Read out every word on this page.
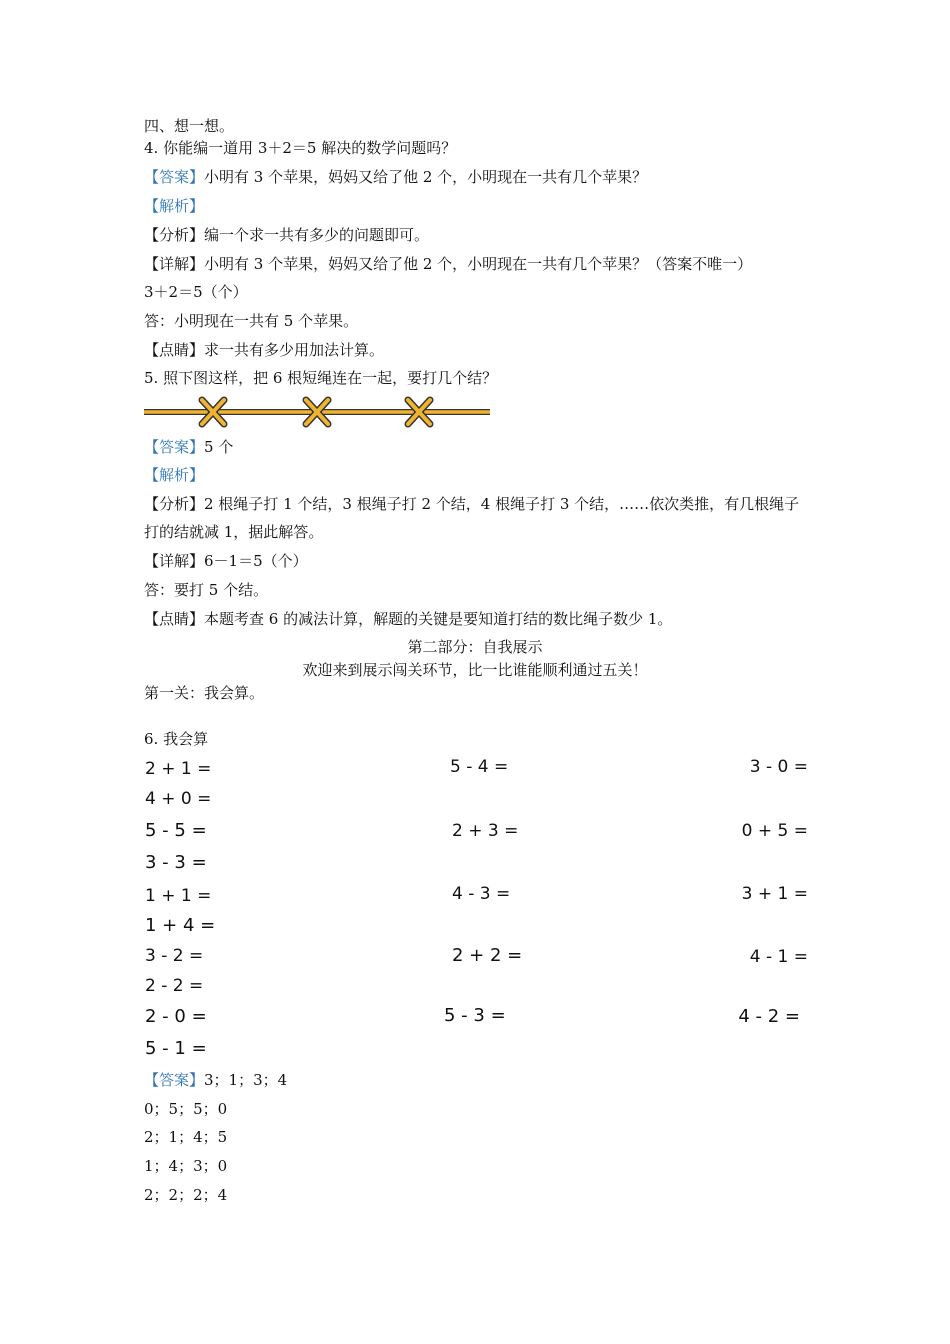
四、想一想。
4. 你能编一道用 3＋2＝5 解决的数学问题吗？
【答案】小明有 3 个苹果，妈妈又给了他 2 个，小明现在一共有几个苹果？
【解析】
【分析】编一个求一共有多少的问题即可。
【详解】小明有 3 个苹果，妈妈又给了他 2 个，小明现在一共有几个苹果？（答案不唯一）
3＋2＝5（个）
答：小明现在一共有 5 个苹果。
【点睛】求一共有多少用加法计算。
5. 照下图这样，把 6 根短绳连在一起，要打几个结？
【答案】5 个
【解析】
【分析】2 根绳子打 1 个结，3 根绳子打 2 个结，4 根绳子打 3 个结，……依次类推，有几根绳子
打的结就减 1，据此解答。
【详解】6－1＝5（个）
答：要打 5 个结。
【点睛】本题考查 6 的减法计算，解题的关键是要知道打结的数比绳子数少 1。
第二部分：自我展示
欢迎来到展示闯关环节，比一比谁能顺利通过五关！
第一关：我会算。
6. 我会算
2 + 1 =	5 - 4 =	3 - 0 =
4 + 0 =
5 - 5 =	2 + 3 =	0 + 5 =
3 - 3 =
1 + 1 =	4 - 3 =	3 + 1 =
1 + 4 =
3 - 2 =	2 + 2 =	4 - 1 =
2 - 2 =
2 - 0 =	5 - 3 =	4 - 2 =
5 - 1 =
【答案】3；1；3；4
0；5；5；0
2；1；4；5
1；4；3；0
2；2；2；4
